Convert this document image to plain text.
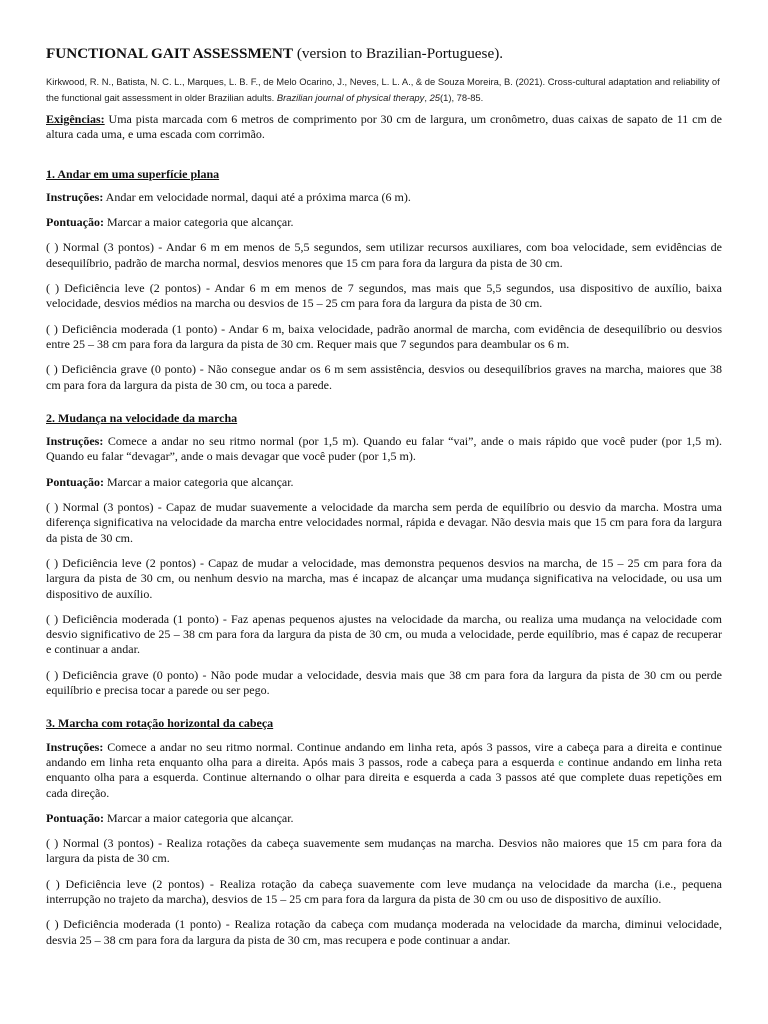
FUNCTIONAL GAIT ASSESSMENT (version to Brazilian-Portuguese).
Kirkwood, R. N., Batista, N. C. L., Marques, L. B. F., de Melo Ocarino, J., Neves, L. L. A., & de Souza Moreira, B. (2021). Cross-cultural adaptation and reliability of the functional gait assessment in older Brazilian adults. Brazilian journal of physical therapy, 25(1), 78-85.

Exigências: Uma pista marcada com 6 metros de comprimento por 30 cm de largura, um cronômetro, duas caixas de sapato de 11 cm de altura cada uma, e uma escada com corrimão.

1. Andar em uma superfície plana

Instruções: Andar em velocidade normal, daqui até a próxima marca (6 m).

Pontuação: Marcar a maior categoria que alcançar.

( ) Normal (3 pontos) - Andar 6 m em menos de 5,5 segundos, sem utilizar recursos auxiliares, com boa velocidade, sem evidências de desequilíbrio, padrão de marcha normal, desvios menores que 15 cm para fora da largura da pista de 30 cm.

( ) Deficiência leve (2 pontos) - Andar 6 m em menos de 7 segundos, mas mais que 5,5 segundos, usa dispositivo de auxílio, baixa velocidade, desvios médios na marcha ou desvios de 15 – 25 cm para fora da largura da pista de 30 cm.

( ) Deficiência moderada (1 ponto) - Andar 6 m, baixa velocidade, padrão anormal de marcha, com evidência de desequilíbrio ou desvios entre 25 – 38 cm para fora da largura da pista de 30 cm. Requer mais que 7 segundos para deambular os 6 m.

( ) Deficiência grave (0 ponto) - Não consegue andar os 6 m sem assistência, desvios ou desequilíbrios graves na marcha, maiores que 38 cm para fora da largura da pista de 30 cm, ou toca a parede.

2. Mudança na velocidade da marcha

Instruções: Comece a andar no seu ritmo normal (por 1,5 m). Quando eu falar “vai”, ande o mais rápido que você puder (por 1,5 m). Quando eu falar “devagar”, ande o mais devagar que você puder (por 1,5 m).

Pontuação: Marcar a maior categoria que alcançar.

( ) Normal (3 pontos) - Capaz de mudar suavemente a velocidade da marcha sem perda de equilíbrio ou desvio da marcha. Mostra uma diferença significativa na velocidade da marcha entre velocidades normal, rápida e devagar. Não desvia mais que 15 cm para fora da largura da pista de 30 cm.

( ) Deficiência leve (2 pontos) - Capaz de mudar a velocidade, mas demonstra pequenos desvios na marcha, de 15 – 25 cm para fora da largura da pista de 30 cm, ou nenhum desvio na marcha, mas é incapaz de alcançar uma mudança significativa na velocidade, ou usa um dispositivo de auxílio.

( ) Deficiência moderada (1 ponto) - Faz apenas pequenos ajustes na velocidade da marcha, ou realiza uma mudança na velocidade com desvio significativo de 25 – 38 cm para fora da largura da pista de 30 cm, ou muda a velocidade, perde equilíbrio, mas é capaz de recuperar e continuar a andar.

( ) Deficiência grave (0 ponto) - Não pode mudar a velocidade, desvia mais que 38 cm para fora da largura da pista de 30 cm ou perde equilíbrio e precisa tocar a parede ou ser pego.

3. Marcha com rotação horizontal da cabeça

Instruções: Comece a andar no seu ritmo normal. Continue andando em linha reta, após 3 passos, vire a cabeça para a direita e continue andando em linha reta enquanto olha para a direita. Após mais 3 passos, rode a cabeça para a esquerda e continue andando em linha reta enquanto olha para a esquerda. Continue alternando o olhar para direita e esquerda a cada 3 passos até que complete duas repetições em cada direção.

Pontuação: Marcar a maior categoria que alcançar.

( ) Normal (3 pontos) - Realiza rotações da cabeça suavemente sem mudanças na marcha. Desvios não maiores que 15 cm para fora da largura da pista de 30 cm.

( ) Deficiência leve (2 pontos) - Realiza rotação da cabeça suavemente com leve mudança na velocidade da marcha (i.e., pequena interrupção no trajeto da marcha), desvios de 15 – 25 cm para fora da largura da pista de 30 cm ou uso de dispositivo de auxílio.

( ) Deficiência moderada (1 ponto) - Realiza rotação da cabeça com mudança moderada na velocidade da marcha, diminui velocidade, desvia 25 – 38 cm para fora da largura da pista de 30 cm, mas recupera e pode continuar a andar.
